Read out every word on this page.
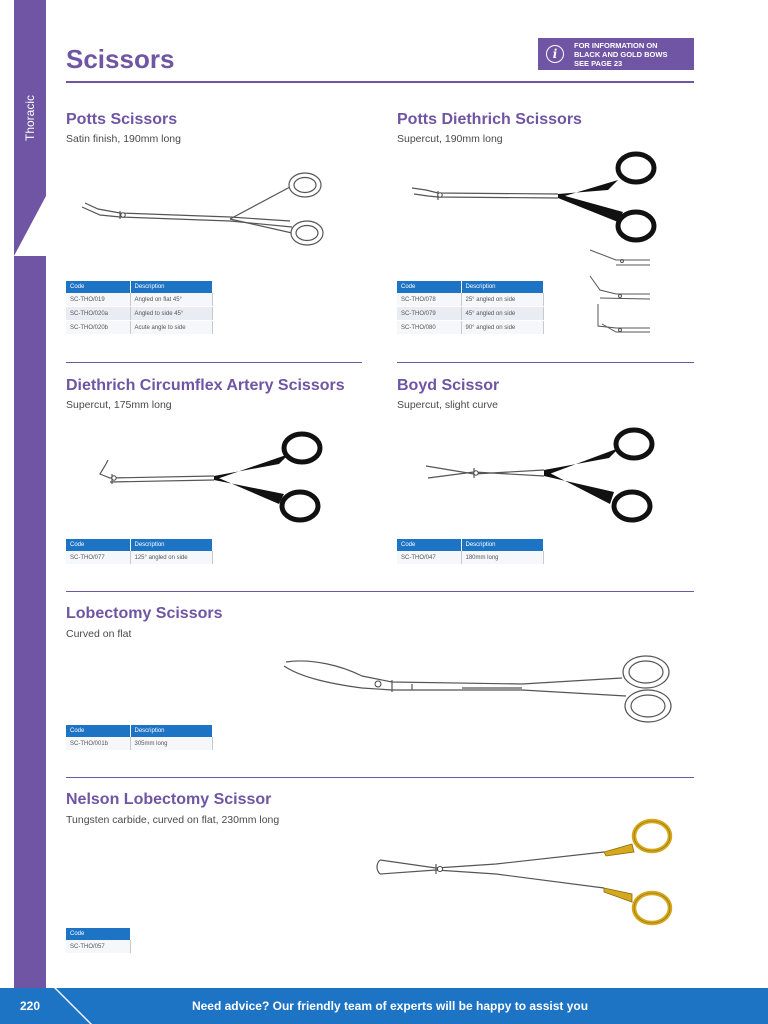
Thoracic
Scissors	i
FOR INFORMATION ON
BLACK AND GOLD BOWS
SEE PAGE 23
Potts Scissors

Satin finish, 190mm long

Code	Description
SC-THO/019	Angled on flat 45°
SC-THO/020a	Angled to side 45°
SC-THO/020b	Acute angle to side
Potts Diethrich Scissors

Supercut, 190mm long

Code	Description
SC-THO/078	25° angled on side
SC-THO/079	45° angled on side
SC-THO/080	90° angled on side
Diethrich Circumflex Artery Scissors

Supercut, 175mm long

Code	Description
SC-THO/077	125° angled on side
Boyd Scissor

Supercut, slight curve

Code	Description
SC-THO/047	180mm long
Lobectomy Scissors

Curved on flat

Code	Description
SC-THO/001b	305mm long
Nelson Lobectomy Scissor

Tungsten carbide, curved on flat, 230mm long

Code
SC-THO/057
220	Need advice? Our friendly team of experts will be happy to assist you
